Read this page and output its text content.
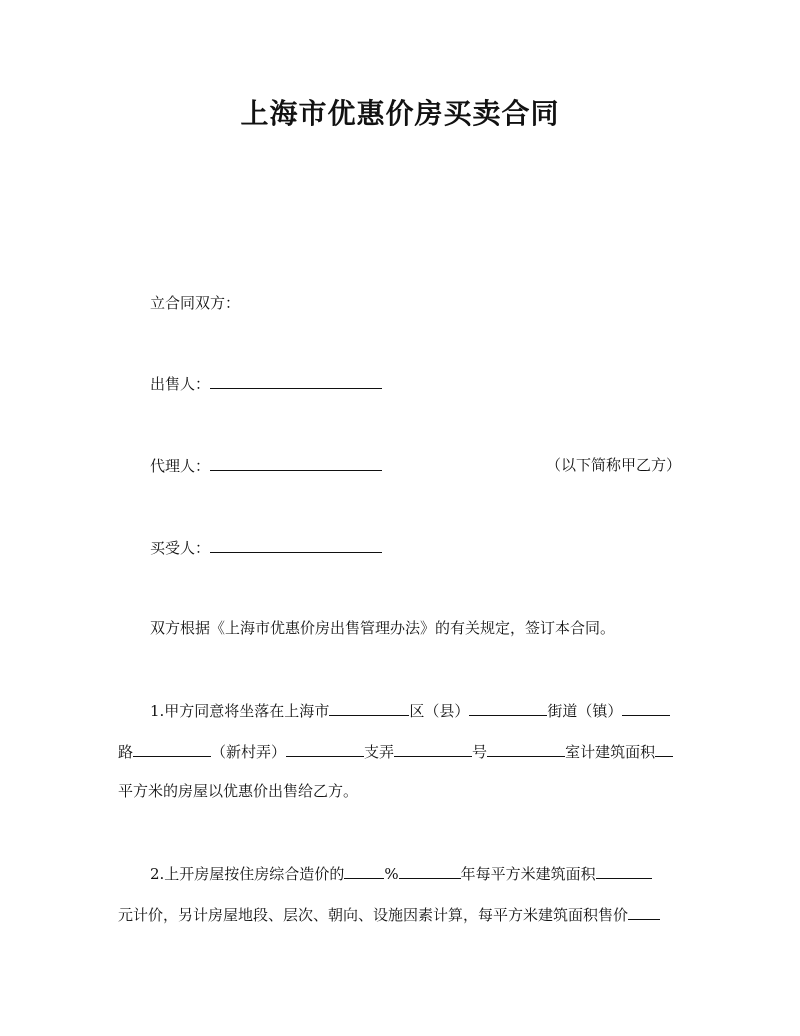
上海市优惠价房买卖合同
立合同双方：
出售人：
代理人：	（以下简称甲乙方）
买受人：
双方根据《上海市优惠价房出售管理办法》的有关规定，签订本合同。
1.甲方同意将坐落在上海市	区（县）	街道（镇）
路	（新村弄）	支弄	号	室计建筑面积
平方米的房屋以优惠价出售给乙方。
2.上开房屋按住房综合造价的	%	年每平方米建筑面积
元计价，另计房屋地段、层次、朝向、设施因素计算，每平方米建筑面积售价
